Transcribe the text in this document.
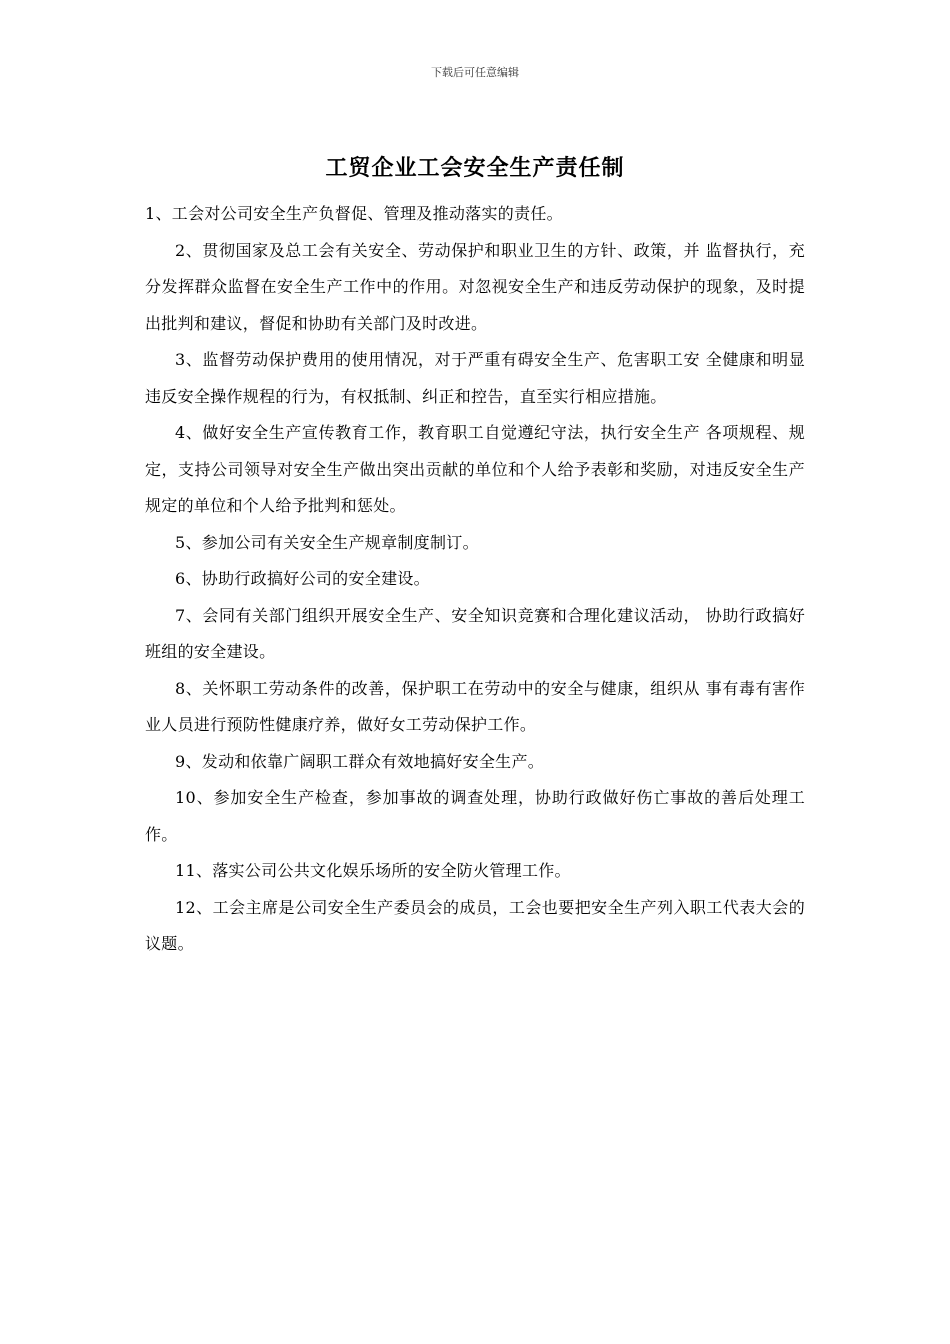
下载后可任意编辑
工贸企业工会安全生产责任制

1、工会对公司安全生产负督促、管理及推动落实的责任。

2、贯彻国家及总工会有关安全、劳动保护和职业卫生的方针、政策，并 监督执行，充分发挥群众监督在安全生产工作中的作用。对忽视安全生产和违反劳动保护的现象，及时提出批判和建议，督促和协助有关部门及时改进。

3、监督劳动保护费用的使用情况，对于严重有碍安全生产、危害职工安 全健康和明显违反安全操作规程的行为，有权抵制、纠正和控告，直至实行相应措施。

4、做好安全生产宣传教育工作，教育职工自觉遵纪守法，执行安全生产 各项规程、规定，支持公司领导对安全生产做出突出贡献的单位和个人给予表彰和奖励，对违反安全生产规定的单位和个人给予批判和惩处。

5、参加公司有关安全生产规章制度制订。

6、协助行政搞好公司的安全建设。

7、会同有关部门组织开展安全生产、安全知识竞赛和合理化建议活动， 协助行政搞好班组的安全建设。

8、关怀职工劳动条件的改善，保护职工在劳动中的安全与健康，组织从 事有毒有害作业人员进行预防性健康疗养，做好女工劳动保护工作。

9、发动和依靠广阔职工群众有效地搞好安全生产。

10、参加安全生产检查，参加事故的调查处理，协助行政做好伤亡事故的善后处理工作。

11、落实公司公共文化娱乐场所的安全防火管理工作。

12、工会主席是公司安全生产委员会的成员，工会也要把安全生产列入职工代表大会的议题。
